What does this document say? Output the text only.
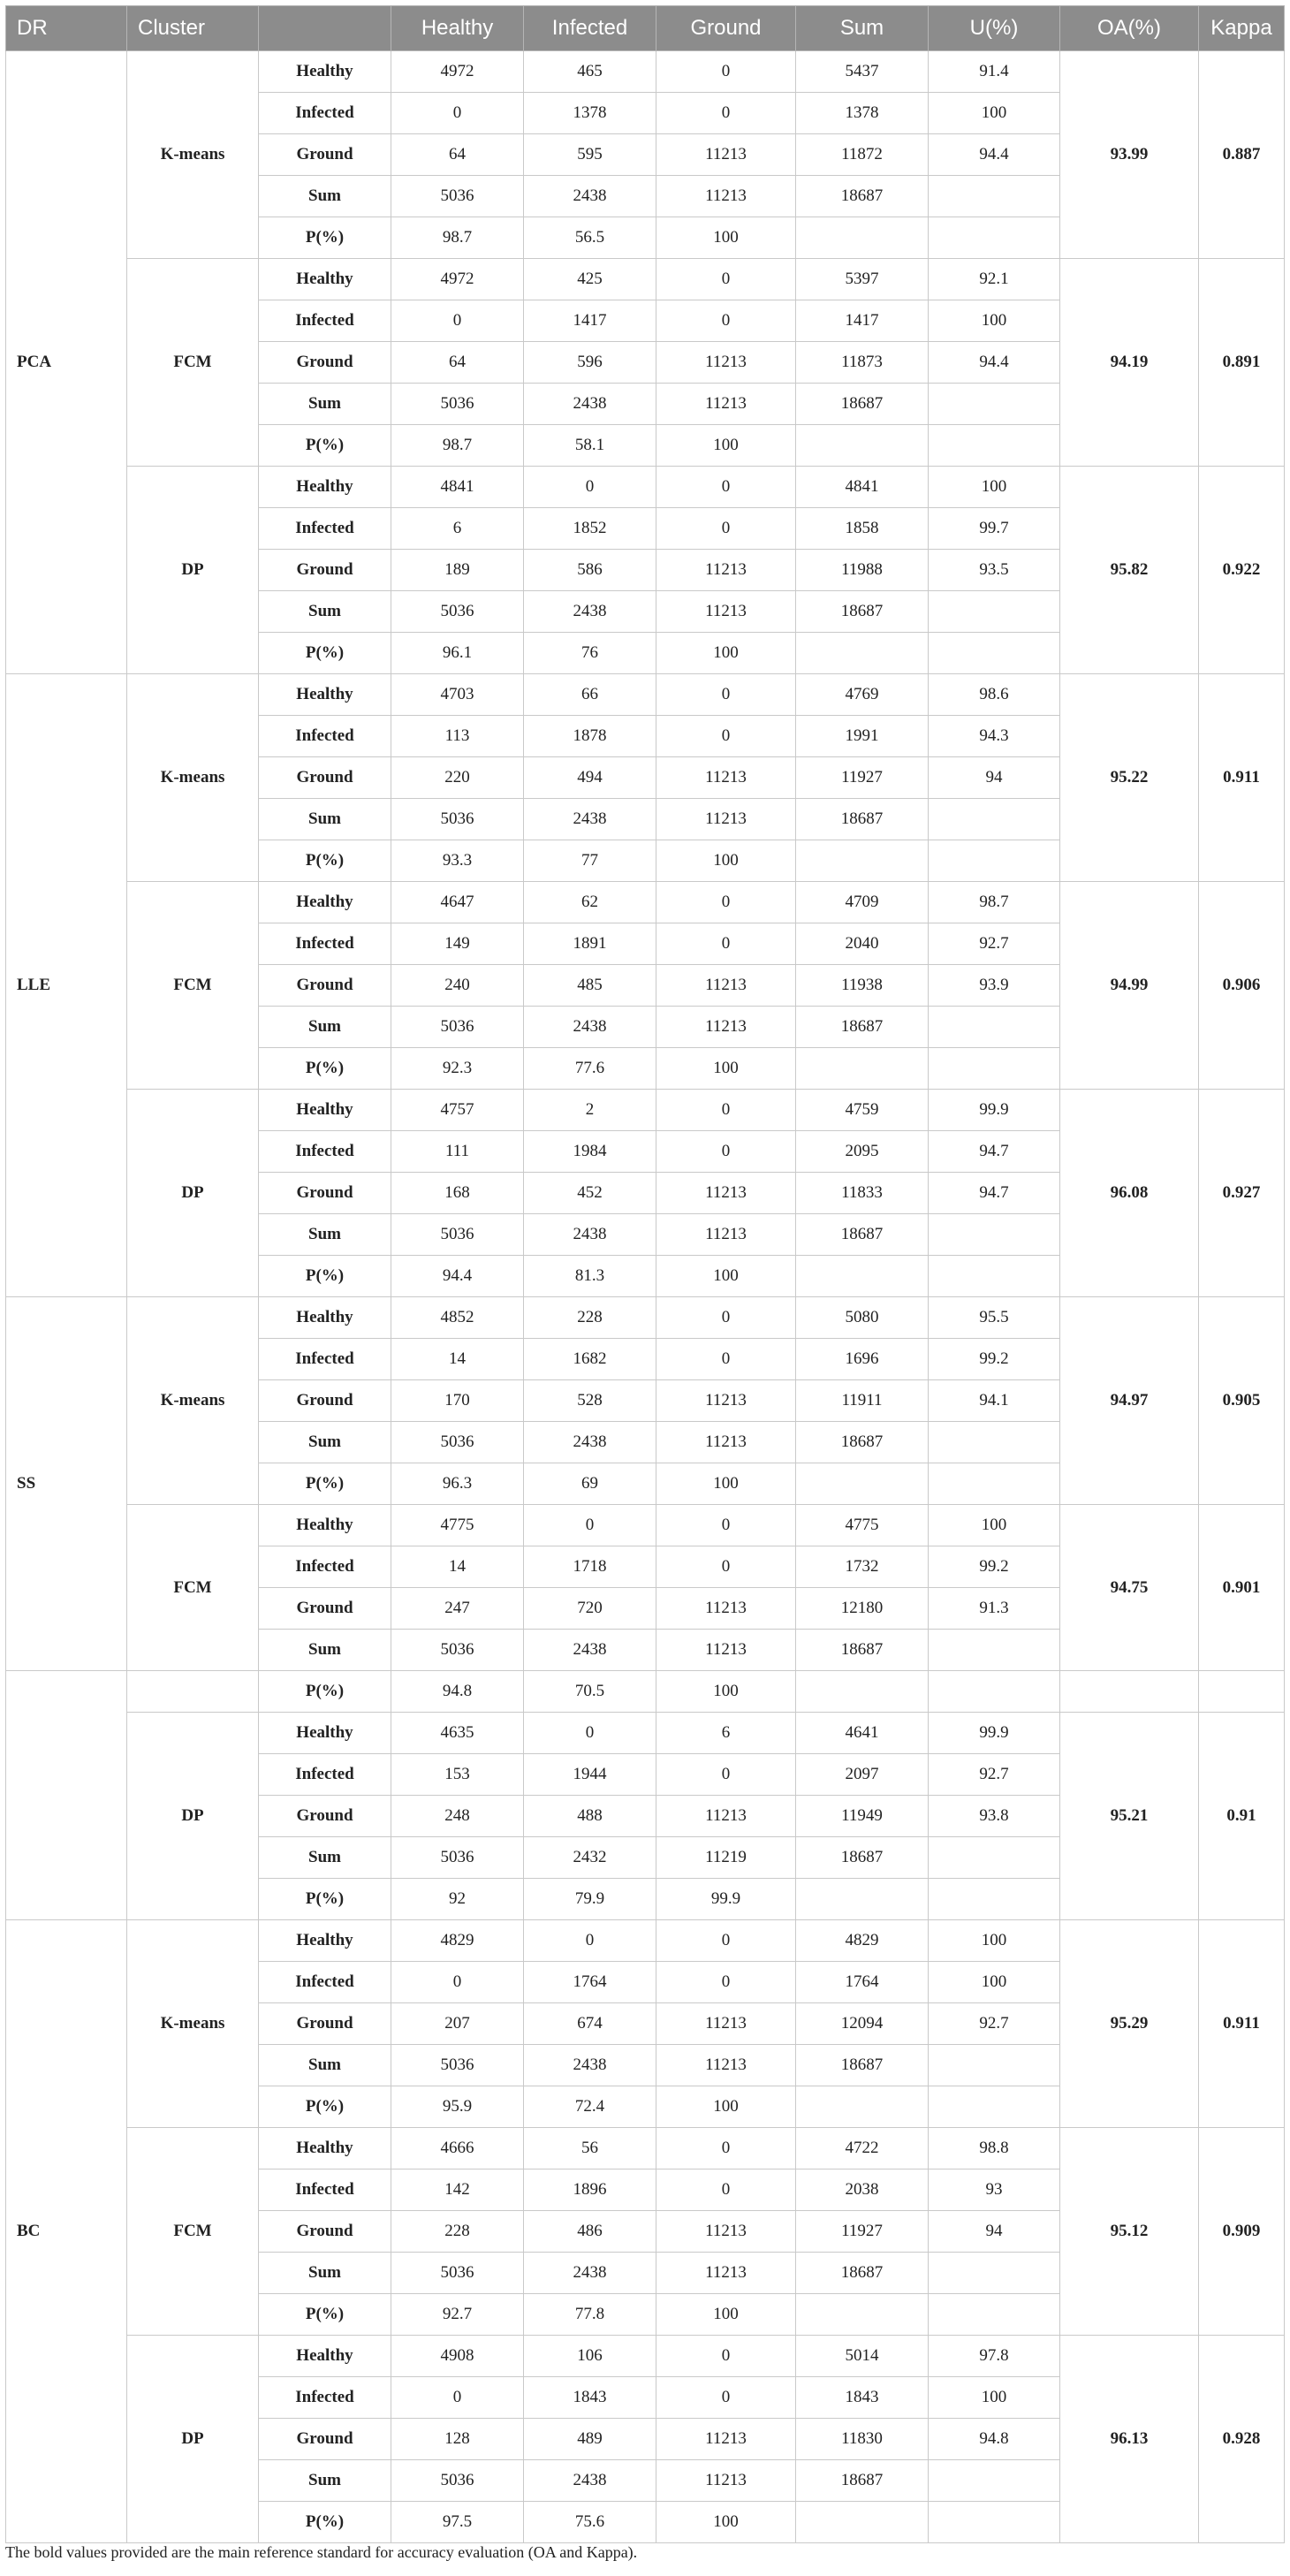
DR	Cluster		Healthy	Infected	Ground	Sum	U(%)	OA(%)	Kappa
PCA	K-means	Healthy	4972	465	0	5437	91.4	93.99	0.887
		Infected	0	1378	0	1378	100		
		Ground	64	595	11213	11872	94.4		
		Sum	5036	2438	11213	18687			
		P(%)	98.7	56.5	100				
	FCM	Healthy	4972	425	0	5397	92.1	94.19	0.891
		Infected	0	1417	0	1417	100		
		Ground	64	596	11213	11873	94.4		
		Sum	5036	2438	11213	18687			
		P(%)	98.7	58.1	100				
	DP	Healthy	4841	0	0	4841	100	95.82	0.922
		Infected	6	1852	0	1858	99.7		
		Ground	189	586	11213	11988	93.5		
		Sum	5036	2438	11213	18687			
		P(%)	96.1	76	100				
LLE	K-means	Healthy	4703	66	0	4769	98.6	95.22	0.911
		Infected	113	1878	0	1991	94.3		
		Ground	220	494	11213	11927	94		
		Sum	5036	2438	11213	18687			
		P(%)	93.3	77	100				
	FCM	Healthy	4647	62	0	4709	98.7	94.99	0.906
		Infected	149	1891	0	2040	92.7		
		Ground	240	485	11213	11938	93.9		
		Sum	5036	2438	11213	18687			
		P(%)	92.3	77.6	100				
	DP	Healthy	4757	2	0	4759	99.9	96.08	0.927
		Infected	111	1984	0	2095	94.7		
		Ground	168	452	11213	11833	94.7		
		Sum	5036	2438	11213	18687			
		P(%)	94.4	81.3	100				
SS	K-means	Healthy	4852	228	0	5080	95.5	94.97	0.905
		Infected	14	1682	0	1696	99.2		
		Ground	170	528	11213	11911	94.1		
		Sum	5036	2438	11213	18687			
		P(%)	96.3	69	100				
	FCM	Healthy	4775	0	0	4775	100	94.75	0.901
		Infected	14	1718	0	1732	99.2		
		Ground	247	720	11213	12180	91.3		
		Sum	5036	2438	11213	18687			
		P(%)	94.8	70.5	100				
	DP	Healthy	4635	0	6	4641	99.9	95.21	0.91
		Infected	153	1944	0	2097	92.7		
		Ground	248	488	11213	11949	93.8		
		Sum	5036	2432	11219	18687			
		P(%)	92	79.9	99.9				
BC	K-means	Healthy	4829	0	0	4829	100	95.29	0.911
		Infected	0	1764	0	1764	100		
		Ground	207	674	11213	12094	92.7		
		Sum	5036	2438	11213	18687			
		P(%)	95.9	72.4	100				
	FCM	Healthy	4666	56	0	4722	98.8	95.12	0.909
		Infected	142	1896	0	2038	93		
		Ground	228	486	11213	11927	94		
		Sum	5036	2438	11213	18687			
		P(%)	92.7	77.8	100				
	DP	Healthy	4908	106	0	5014	97.8	96.13	0.928
		Infected	0	1843	0	1843	100		
		Ground	128	489	11213	11830	94.8		
		Sum	5036	2438	11213	18687			
		P(%)	97.5	75.6	100				
The bold values provided are the main reference standard for accuracy evaluation (OA and Kappa).
